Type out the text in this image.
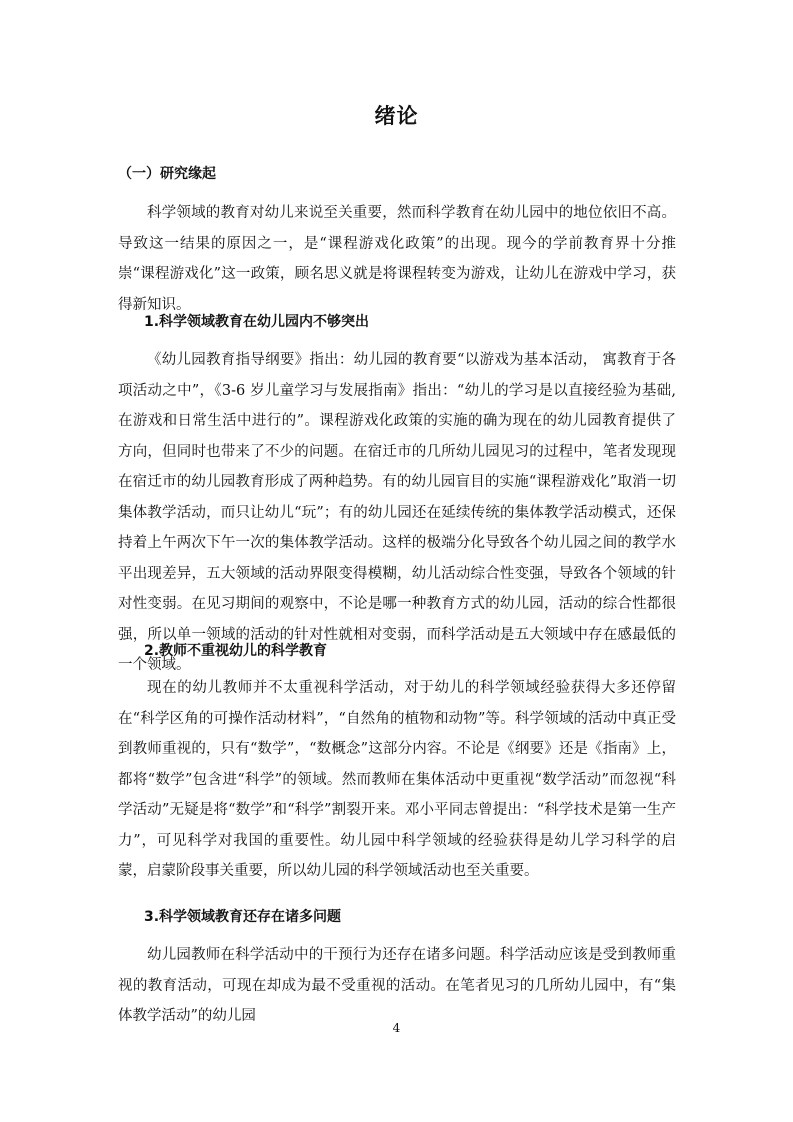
绪论
（一）研究缘起

科学领域的教育对幼儿来说至关重要，然而科学教育在幼儿园中的地位依旧不高。导致这一结果的原因之一，是“课程游戏化政策”的出现。现今的学前教育界十分推崇“课程游戏化”这一政策，顾名思义就是将课程转变为游戏，让幼儿在游戏中学习，获得新知识。

1.科学领域教育在幼儿园内不够突出

《幼儿园教育指导纲要》指出：幼儿园的教育要“以游戏为基本活动， 寓教育于各项活动之中”，《3-6 岁儿童学习与发展指南》指出：“幼儿的学习是以直接经验为基础,在游戏和日常生活中进行的”。课程游戏化政策的实施的确为现在的幼儿园教育提供了方向，但同时也带来了不少的问题。在宿迁市的几所幼儿园见习的过程中，笔者发现现在宿迁市的幼儿园教育形成了两种趋势。有的幼儿园盲目的实施“课程游戏化”取消一切集体教学活动，而只让幼儿“玩”；有的幼儿园还在延续传统的集体教学活动模式，还保持着上午两次下午一次的集体教学活动。这样的极端分化导致各个幼儿园之间的教学水平出现差异，五大领域的活动界限变得模糊，幼儿活动综合性变强，导致各个领域的针对性变弱。在见习期间的观察中，不论是哪一种教育方式的幼儿园，活动的综合性都很强，所以单一领域的活动的针对性就相对变弱，而科学活动是五大领域中存在感最低的一个领域。

2.教师不重视幼儿的科学教育

现在的幼儿教师并不太重视科学活动，对于幼儿的科学领域经验获得大多还停留在“科学区角的可操作活动材料”，“自然角的植物和动物”等。科学领域的活动中真正受到教师重视的，只有“数学”，“数概念”这部分内容。不论是《纲要》还是《指南》上，都将“数学”包含进“科学”的领域。然而教师在集体活动中更重视“数学活动”而忽视“科学活动”无疑是将“数学”和“科学”割裂开来。邓小平同志曾提出：“科学技术是第一生产力”，可见科学对我国的重要性。幼儿园中科学领域的经验获得是幼儿学习科学的启蒙，启蒙阶段事关重要，所以幼儿园的科学领域活动也至关重要。

3.科学领域教育还存在诸多问题

幼儿园教师在科学活动中的干预行为还存在诸多问题。科学活动应该是受到教师重视的教育活动，可现在却成为最不受重视的活动。在笔者见习的几所幼儿园中，有“集体教学活动”的幼儿园

4
